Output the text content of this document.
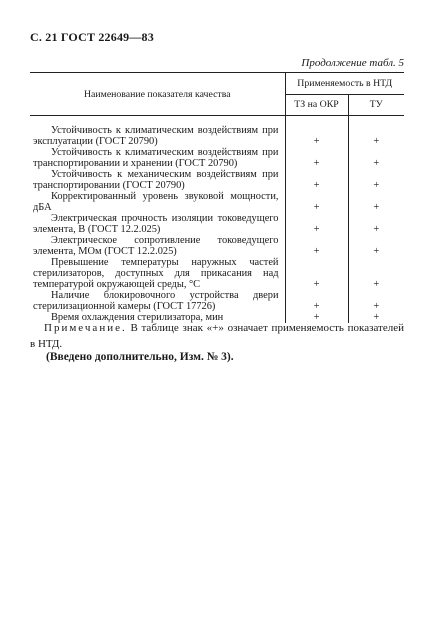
С. 21 ГОСТ 22649—83
Продолжение табл. 5
Наименование показателя качества	Применяемость в НТД	
	ТЗ на ОКР	ТУ

Устойчивость к климатическим воздействиям при эксплуатации (ГОСТ 20790)	+	+

Устойчивость к климатическим воздействиям при транспортировании и хранении (ГОСТ 20790)	+	+

Устойчивость к механическим воздействиям при транспортировании (ГОСТ 20790)	+	+

Корректированный уровень звуковой мощности, дБА	+	+

Электрическая прочность изоляции токоведущего элемента, В (ГОСТ 12.2.025)	+	+

Электрическое сопротивление токоведущего элемента, МОм (ГОСТ 12.2.025)	+	+

Превышение температуры наружных частей стерилизаторов, доступных для прикасания над температурой окружающей среды, °С	+	+

Наличие блокировочного устройства двери стерилизационной камеры (ГОСТ 17726)	+	+

Время охлаждения стерилизатора, мин	+	+
Примечание. В таблице знак «+» означает применяемость показателей в НТД.
(Введено дополнительно, Изм. № 3).
